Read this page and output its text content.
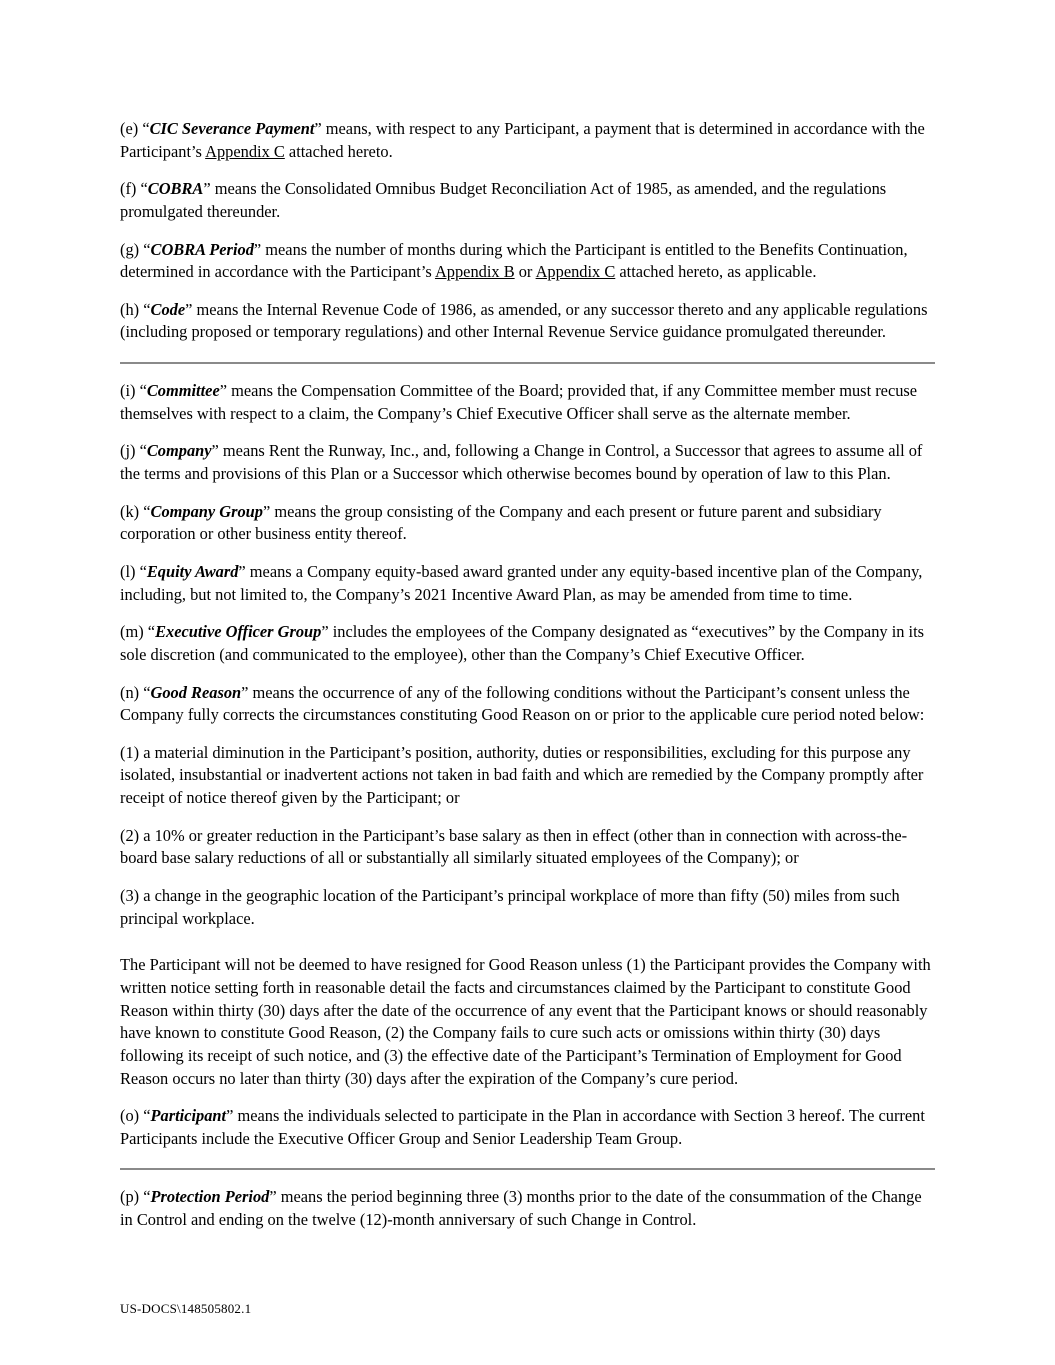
(e) “CIC Severance Payment” means, with respect to any Participant, a payment that is determined in accordance with the Participant’s Appendix C attached hereto.

(f) “COBRA” means the Consolidated Omnibus Budget Reconciliation Act of 1985, as amended, and the regulations promulgated thereunder.

(g) “COBRA Period” means the number of months during which the Participant is entitled to the Benefits Continuation, determined in accordance with the Participant’s Appendix B or Appendix C attached hereto, as applicable.

(h) “Code” means the Internal Revenue Code of 1986, as amended, or any successor thereto and any applicable regulations (including proposed or temporary regulations) and other Internal Revenue Service guidance promulgated thereunder.

(i) “Committee” means the Compensation Committee of the Board; provided that, if any Committee member must recuse themselves with respect to a claim, the Company’s Chief Executive Officer shall serve as the alternate member.

(j) “Company” means Rent the Runway, Inc., and, following a Change in Control, a Successor that agrees to assume all of the terms and provisions of this Plan or a Successor which otherwise becomes bound by operation of law to this Plan.

(k) “Company Group” means the group consisting of the Company and each present or future parent and subsidiary corporation or other business entity thereof.

(l) “Equity Award” means a Company equity-based award granted under any equity-based incentive plan of the Company, including, but not limited to, the Company’s 2021 Incentive Award Plan, as may be amended from time to time.

(m) “Executive Officer Group” includes the employees of the Company designated as “executives” by the Company in its sole discretion (and communicated to the employee), other than the Company’s Chief Executive Officer.

(n) “Good Reason” means the occurrence of any of the following conditions without the Participant’s consent unless the Company fully corrects the circumstances constituting Good Reason on or prior to the applicable cure period noted below:

(1) a material diminution in the Participant’s position, authority, duties or responsibilities, excluding for this purpose any isolated, insubstantial or inadvertent actions not taken in bad faith and which are remedied by the Company promptly after receipt of notice thereof given by the Participant; or

(2) a 10% or greater reduction in the Participant’s base salary as then in effect (other than in connection with across-the-board base salary reductions of all or substantially all similarly situated employees of the Company); or

(3) a change in the geographic location of the Participant’s principal workplace of more than fifty (50) miles from such principal workplace.

The Participant will not be deemed to have resigned for Good Reason unless (1) the Participant provides the Company with written notice setting forth in reasonable detail the facts and circumstances claimed by the Participant to constitute Good Reason within thirty (30) days after the date of the occurrence of any event that the Participant knows or should reasonably have known to constitute Good Reason, (2) the Company fails to cure such acts or omissions within thirty (30) days following its receipt of such notice, and (3) the effective date of the Participant’s Termination of Employment for Good Reason occurs no later than thirty (30) days after the expiration of the Company’s cure period.

(o) “Participant” means the individuals selected to participate in the Plan in accordance with Section 3 hereof. The current Participants include the Executive Officer Group and Senior Leadership Team Group.

(p) “Protection Period” means the period beginning three (3) months prior to the date of the consummation of the Change in Control and ending on the twelve (12)-month anniversary of such Change in Control.

US-DOCS\148505802.1
